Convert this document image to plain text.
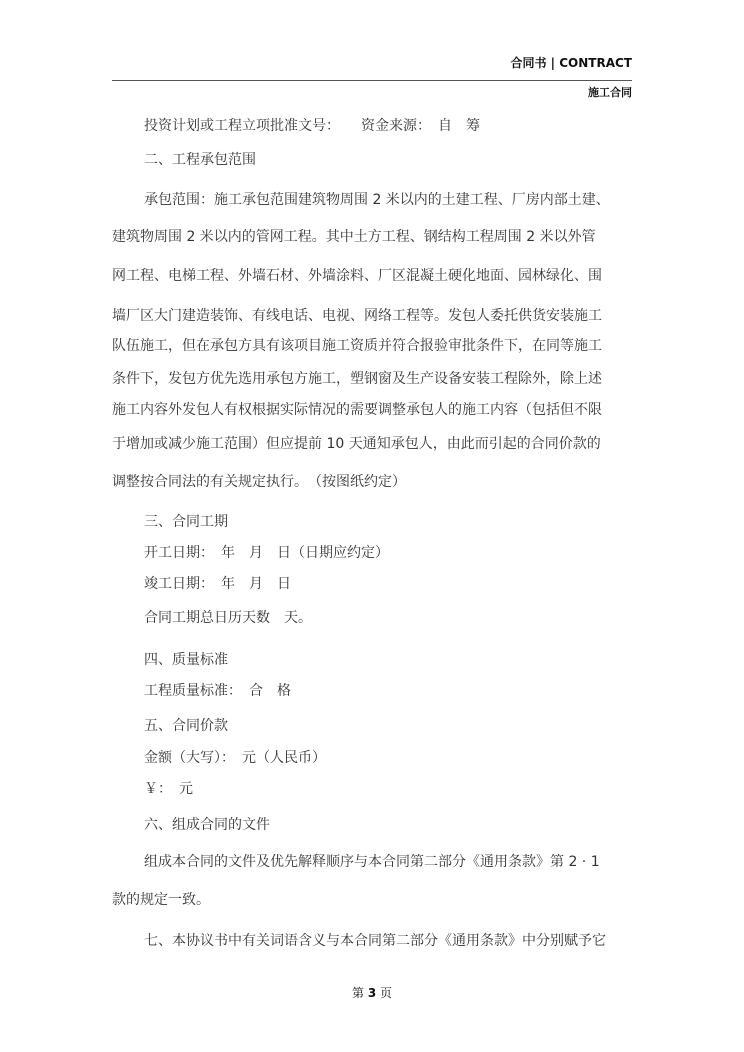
合同书 | CONTRACT
施工合同
投资计划或工程立项批准文号：　　资金来源：　自　筹
二、工程承包范围
承包范围：施工承包范围建筑物周围 2 米以内的土建工程、厂房内部土建、
建筑物周围 2 米以内的管网工程。其中土方工程、钢结构工程周围 2 米以外管
网工程、电梯工程、外墙石材、外墙涂料、厂区混凝土硬化地面、园林绿化、围
墙厂区大门建造装饰、有线电话、电视、网络工程等。发包人委托供货安装施工
队伍施工，但在承包方具有该项目施工资质并符合报验审批条件下，在同等施工
条件下，发包方优先选用承包方施工，塑钢窗及生产设备安装工程除外，除上述
施工内容外发包人有权根据实际情况的需要调整承包人的施工内容（包括但不限
于增加或减少施工范围）但应提前 10 天通知承包人，由此而引起的合同价款的
调整按合同法的有关规定执行。　（按图纸约定）
三、合同工期
开工日期：　年　月　日（日期应约定）
竣工日期：　年　月　日
合同工期总日历天数　天。
四、质量标准
工程质量标准：　合　格
五、合同价款
金额（大写）：　元（人民币）
￥：　元
六、组成合同的文件
组成本合同的文件及优先解释顺序与本合同第二部分《通用条款》第 2 · 1
款的规定一致。
七、本协议书中有关词语含义与本合同第二部分《通用条款》中分别赋予它
第 3 页
